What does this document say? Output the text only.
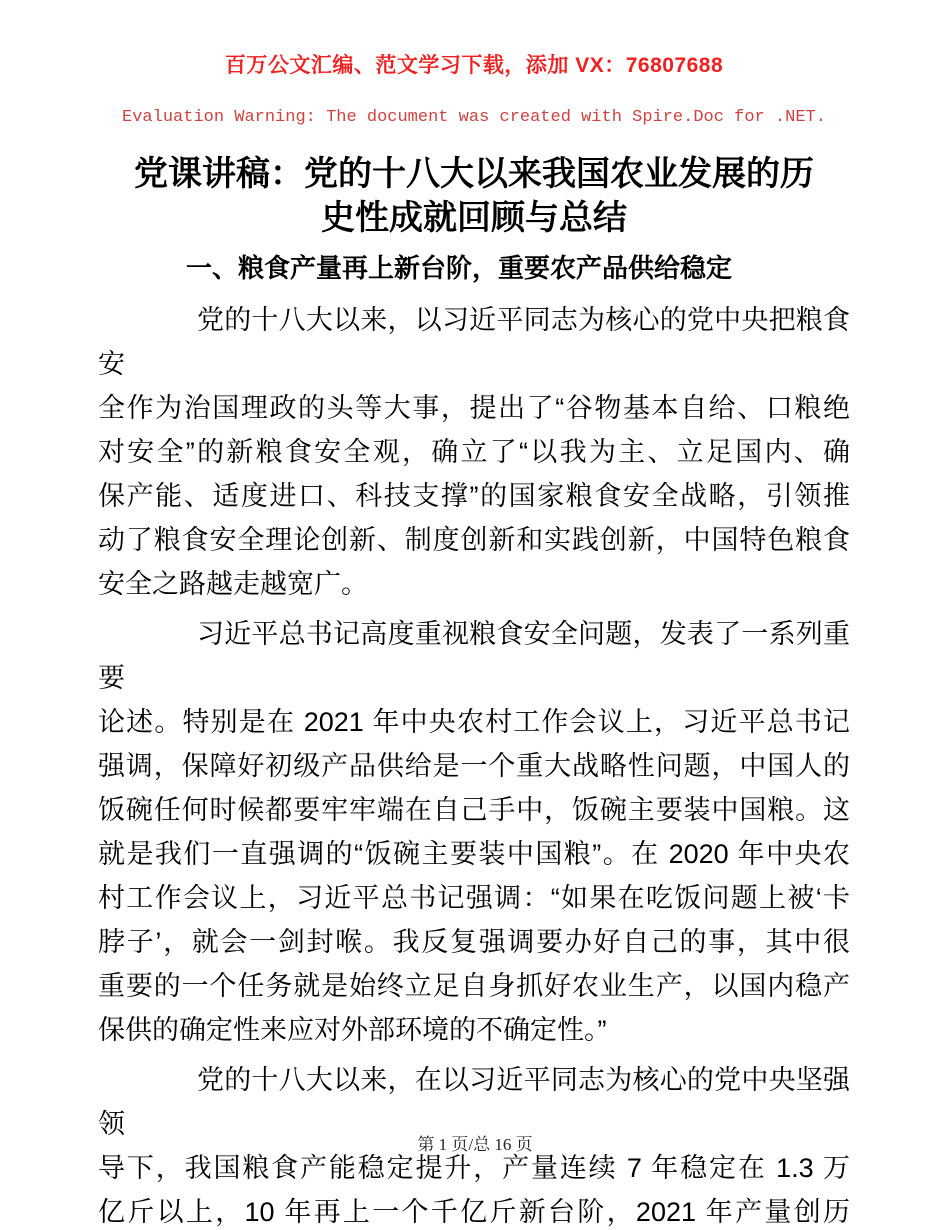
百万公文汇编、范文学习下载，添加 VX：76807688
Evaluation Warning: The document was created with Spire.Doc for .NET.
党课讲稿：党的十八大以来我国农业发展的历
史性成就回顾与总结
一、粮食产量再上新台阶，重要农产品供给稳定
党的十八大以来，以习近平同志为核心的党中央把粮食安
全作为治国理政的头等大事，提出了“谷物基本自给、口粮绝
对安全”的新粮食安全观，确立了“以我为主、立足国内、确
保产能、适度进口、科技支撑”的国家粮食安全战略，引领推
动了粮食安全理论创新、制度创新和实践创新，中国特色粮食
安全之路越走越宽广。
习近平总书记高度重视粮食安全问题，发表了一系列重要
论述。特别是在 2021 年中央农村工作会议上，习近平总书记
强调，保障好初级产品供给是一个重大战略性问题，中国人的
饭碗任何时候都要牢牢端在自己手中，饭碗主要装中国粮。这
就是我们一直强调的“饭碗主要装中国粮”。在 2020 年中央农
村工作会议上，习近平总书记强调：“如果在吃饭问题上被‘卡
脖子’，就会一剑封喉。我反复强调要办好自己的事，其中很
重要的一个任务就是始终立足自身抓好农业生产，以国内稳产
保供的确定性来应对外部环境的不确定性。”
党的十八大以来，在以习近平同志为核心的党中央坚强领
导下，我国粮食产能稳定提升，产量连续 7 年稳定在 1.3 万
亿斤以上，10 年再上一个千亿斤新台阶，2021 年产量创历
第 1 页/总 16 页
